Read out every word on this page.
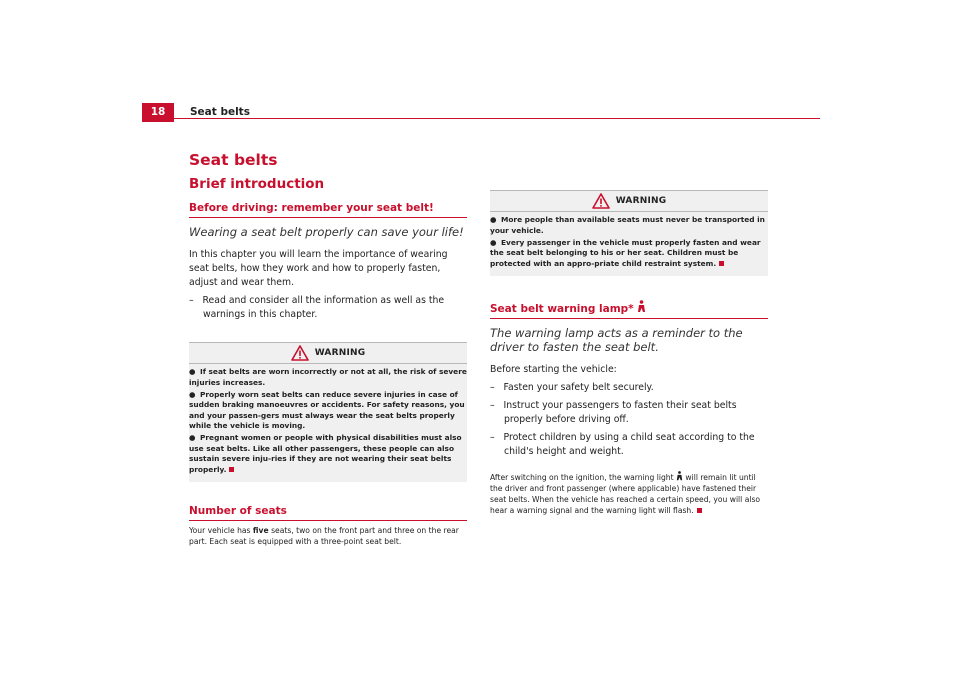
18	Seat belts
Seat belts
Brief introduction
Before driving: remember your seat belt!

Wearing a seat belt properly can save your life!

In this chapter you will learn the importance of wearing seat belts, how they work and how to properly fasten, adjust and wear them.

–   Read and consider all the information as well as the warnings in this chapter.

WARNING

● If seat belts are worn incorrectly or not at all, the risk of severe injuries increases.

● Properly worn seat belts can reduce severe injuries in case of sudden braking manoeuvres or accidents. For safety reasons, you and your passen-gers must always wear the seat belts properly while the vehicle is moving.

● Pregnant women or people with physical disabilities must also use seat belts. Like all other passengers, these people can also sustain severe inju-ries if they are not wearing their seat belts properly.

Number of seats

Your vehicle has five seats, two on the front part and three on the rear part. Each seat is equipped with a three-point seat belt.

WARNING

● More people than available seats must never be transported in your vehicle.

● Every passenger in the vehicle must properly fasten and wear the seat belt belonging to his or her seat. Children must be protected with an appro-priate child restraint system.

Seat belt warning lamp*

The warning lamp acts as a reminder to the driver to fasten the seat belt.

Before starting the vehicle:

–   Fasten your safety belt securely.

–   Instruct your passengers to fasten their seat belts properly before driving off.

–   Protect children by using a child seat according to the child's height and weight.

After switching on the ignition, the warning light  will remain lit until the driver and front passenger (where applicable) have fastened their seat belts. When the vehicle has reached a certain speed, you will also hear a warning signal and the warning light will flash.
